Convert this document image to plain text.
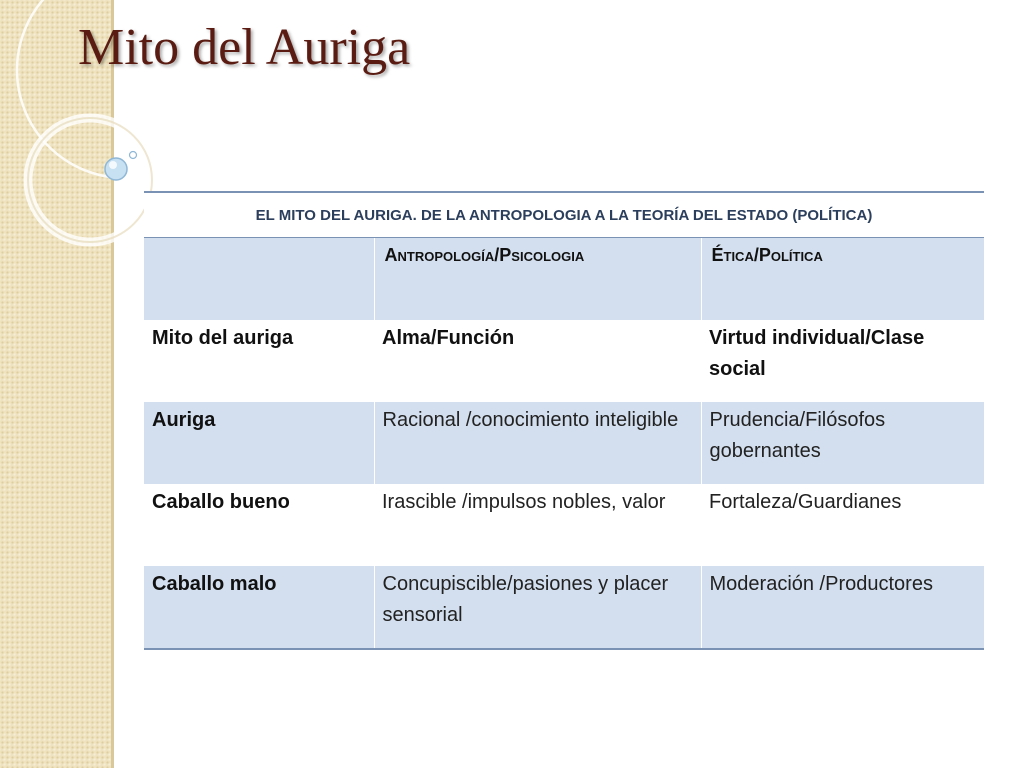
Mito del Auriga
EL MITO DEL AURIGA. DE LA ANTROPOLOGIA A LA TEORÍA DEL ESTADO (POLÍTICA)		

	Antropología/Psicologia	Ética/Política

Mito del auriga	Alma/Función	Virtud individual/Clase social

Auriga	Racional /conocimiento inteligible	Prudencia/Filósofos gobernantes

Caballo bueno	Irascible /impulsos nobles, valor	Fortaleza/Guardianes

Caballo malo	Concupiscible/pasiones y placer sensorial	Moderación /Productores
